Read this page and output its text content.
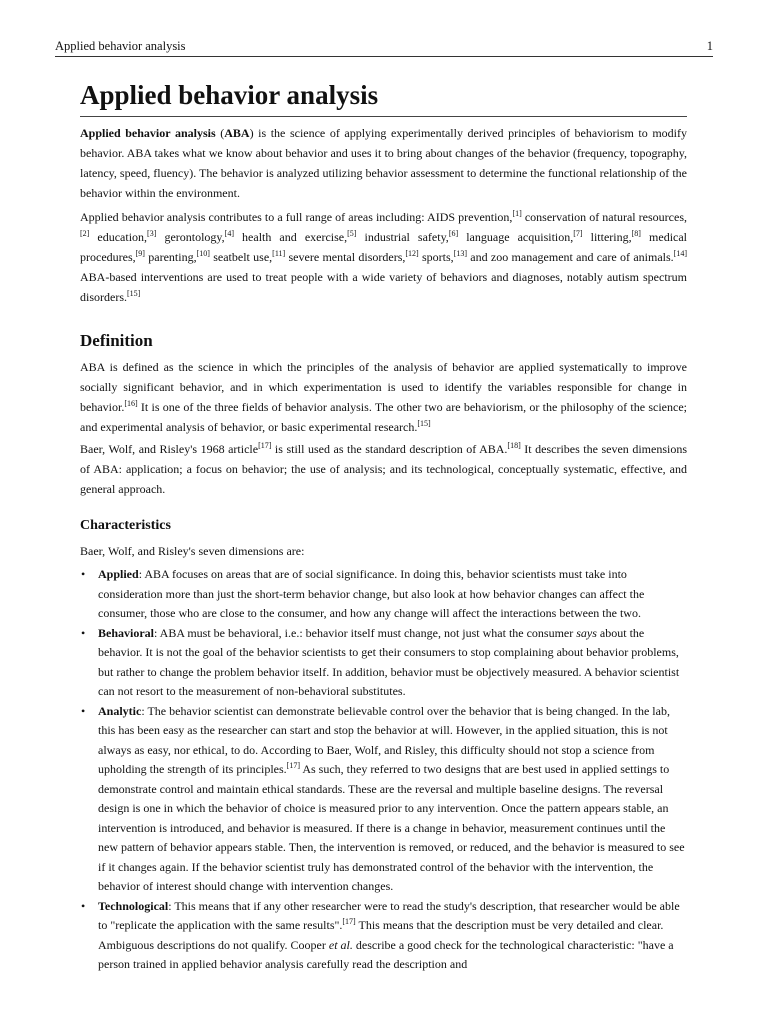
Applied behavior analysis	1
Applied behavior analysis

Applied behavior analysis (ABA) is the science of applying experimentally derived principles of behaviorism to modify behavior. ABA takes what we know about behavior and uses it to bring about changes of the behavior (frequency, topography, latency, speed, fluency). The behavior is analyzed utilizing behavior assessment to determine the functional relationship of the behavior within the environment.

Applied behavior analysis contributes to a full range of areas including: AIDS prevention,[1] conservation of natural resources,[2] education,[3] gerontology,[4] health and exercise,[5] industrial safety,[6] language acquisition,[7] littering,[8] medical procedures,[9] parenting,[10] seatbelt use,[11] severe mental disorders,[12] sports,[13] and zoo management and care of animals.[14] ABA-based interventions are used to treat people with a wide variety of behaviors and diagnoses, notably autism spectrum disorders.[15]

Definition

ABA is defined as the science in which the principles of the analysis of behavior are applied systematically to improve socially significant behavior, and in which experimentation is used to identify the variables responsible for change in behavior.[16] It is one of the three fields of behavior analysis. The other two are behaviorism, or the philosophy of the science; and experimental analysis of behavior, or basic experimental research.[15]

Baer, Wolf, and Risley's 1968 article[17] is still used as the standard description of ABA.[18] It describes the seven dimensions of ABA: application; a focus on behavior; the use of analysis; and its technological, conceptually systematic, effective, and general approach.

Characteristics

Baer, Wolf, and Risley's seven dimensions are:

• Applied: ABA focuses on areas that are of social significance. In doing this, behavior scientists must take into consideration more than just the short-term behavior change, but also look at how behavior changes can affect the consumer, those who are close to the consumer, and how any change will affect the interactions between the two.

• Behavioral: ABA must be behavioral, i.e.: behavior itself must change, not just what the consumer says about the behavior. It is not the goal of the behavior scientists to get their consumers to stop complaining about behavior problems, but rather to change the problem behavior itself. In addition, behavior must be objectively measured. A behavior scientist can not resort to the measurement of non-behavioral substitutes.

• Analytic: The behavior scientist can demonstrate believable control over the behavior that is being changed. In the lab, this has been easy as the researcher can start and stop the behavior at will. However, in the applied situation, this is not always as easy, nor ethical, to do. According to Baer, Wolf, and Risley, this difficulty should not stop a science from upholding the strength of its principles.[17] As such, they referred to two designs that are best used in applied settings to demonstrate control and maintain ethical standards. These are the reversal and multiple baseline designs. The reversal design is one in which the behavior of choice is measured prior to any intervention. Once the pattern appears stable, an intervention is introduced, and behavior is measured. If there is a change in behavior, measurement continues until the new pattern of behavior appears stable. Then, the intervention is removed, or reduced, and the behavior is measured to see if it changes again. If the behavior scientist truly has demonstrated control of the behavior with the intervention, the behavior of interest should change with intervention changes.

• Technological: This means that if any other researcher were to read the study's description, that researcher would be able to "replicate the application with the same results".[17] This means that the description must be very detailed and clear. Ambiguous descriptions do not qualify. Cooper et al. describe a good check for the technological characteristic: "have a person trained in applied behavior analysis carefully read the description and
